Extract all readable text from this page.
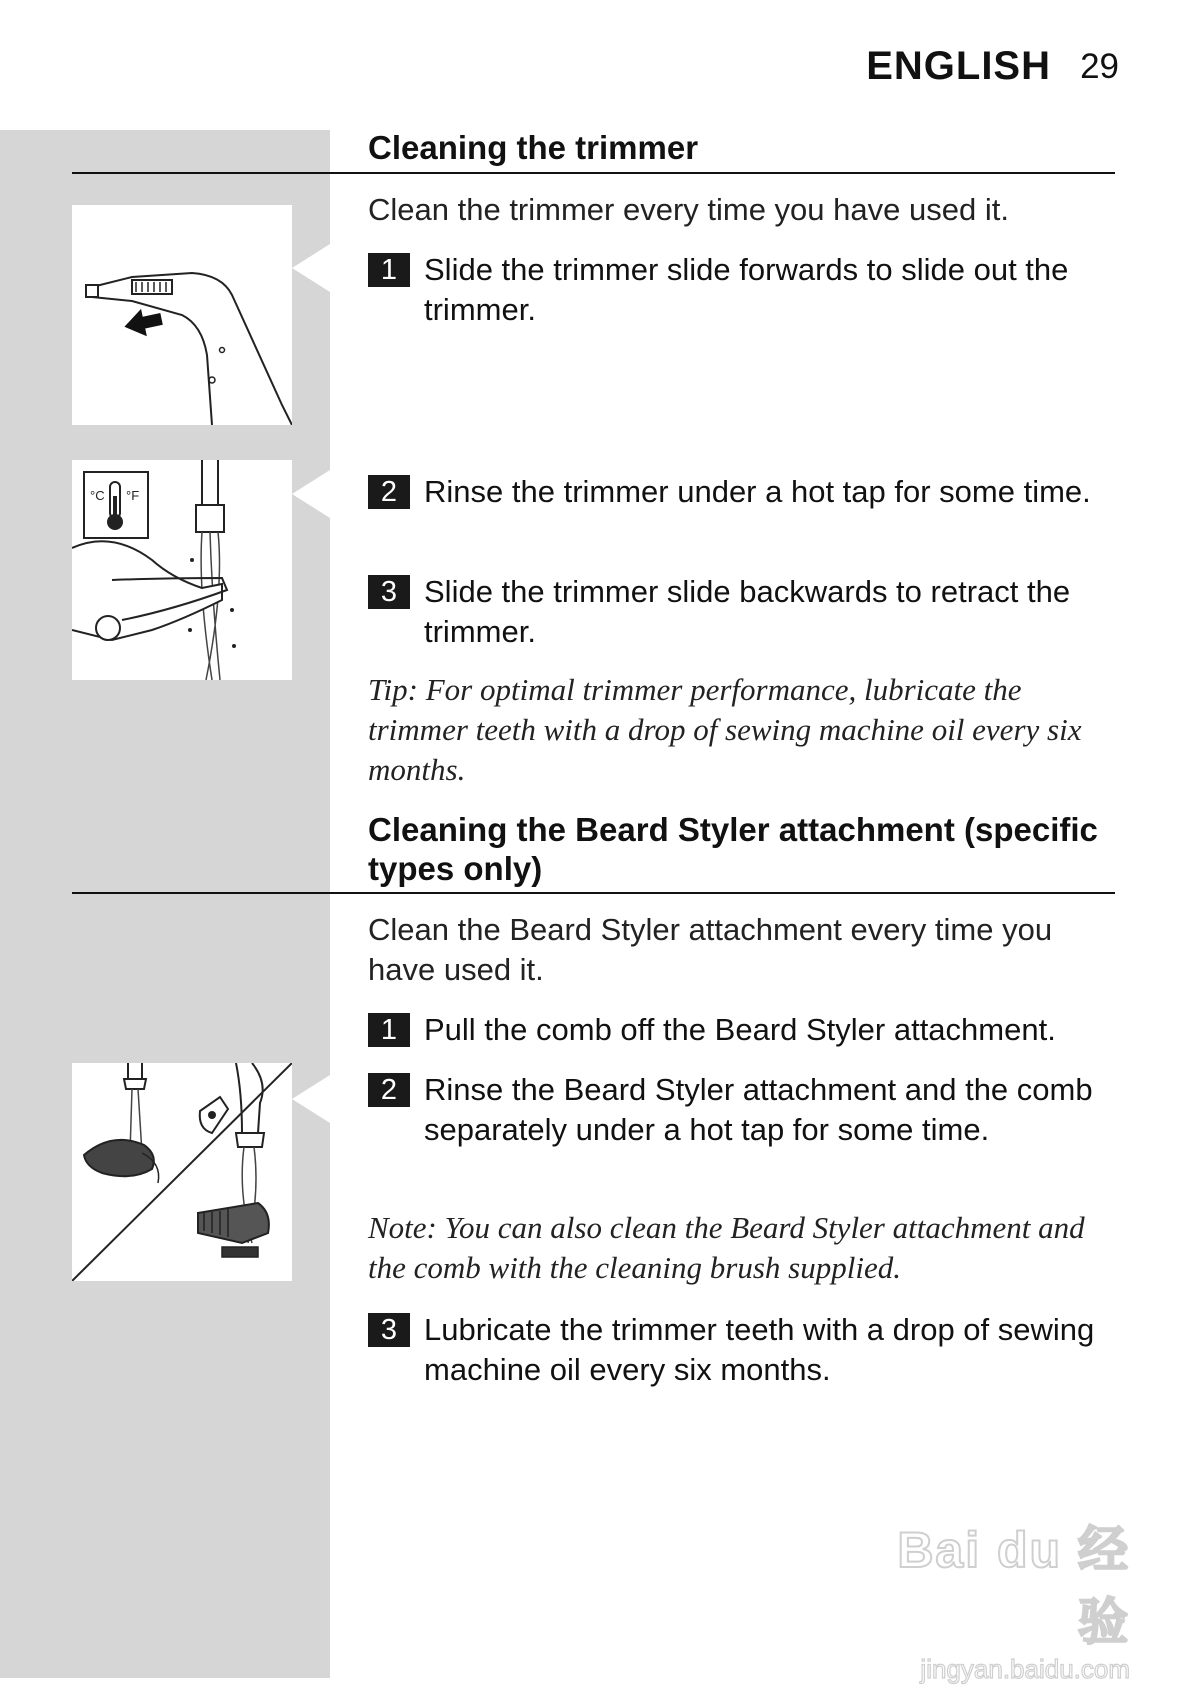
ENGLISH 29
Cleaning the trimmer

Clean the trimmer every time you have used it.

1 Slide the trimmer slide forwards to slide out the trimmer.
2 Rinse the trimmer under a hot tap for some time.
3 Slide the trimmer slide backwards to retract the trimmer.

Tip: For optimal trimmer performance, lubricate the trimmer teeth with a drop of sewing machine oil every six months.

Cleaning the Beard Styler attachment (specific types only)

Clean the Beard Styler attachment every time you have used it.

1 Pull the comb off the Beard Styler attachment.
2 Rinse the Beard Styler attachment and the comb separately under a hot tap for some time.

Note: You can also clean the Beard Styler attachment and the comb with the cleaning brush supplied.

3 Lubricate the trimmer teeth with a drop of sewing machine oil every six months.
°C °F
Bai du 经验
jingyan.baidu.com
